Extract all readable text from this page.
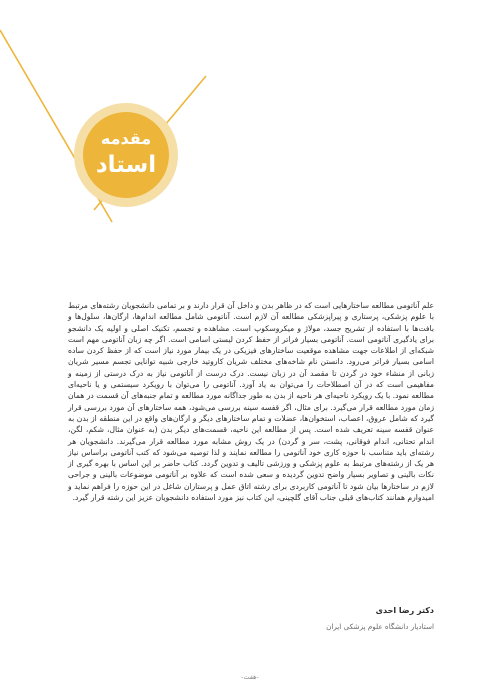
مقدمه
استاد

علم آناتومی مطالعه ساختارهایی است که در ظاهر بدن و داخل آن قرار دارند و بر تمامی دانشجویان رشته‌های مرتبط با علوم پزشکی، پرستاری و پیراپزشکی مطالعه آن لازم است. آناتومی شامل مطالعه اندام‌ها، ارگان‌ها، سلول‌ها و بافت‌ها با استفاده از تشریح جسد، مولاژ و میکروسکوپ است. مشاهده و تجسم، تکنیک اصلی و اولیه یک دانشجو برای یادگیری آناتومی است. آناتومی بسیار فراتر از حفظ کردن لیستی اسامی است. اگر چه زبان آناتومی مهم است شبکه‌ای از اطلاعات جهت مشاهده موقعیت ساختارهای فیزیکی در یک بیمار مورد نیاز است که از حفظ کردن ساده اسامی بسیار فراتر می‌رود. دانستن نام شاخه‌های مختلف شریان کاروتید خارجی شبیه توانایی تجسم مسیر شریان زبانی از منشاء خود در گردن تا مقصد آن در زبان نیست. درک درست از آناتومی نیاز به درک درستی از زمینه و مفاهیمی است که در آن اصطلاحات را می‌توان به یاد آورد. آناتومی را می‌توان با رویکرد سیستمی و یا ناحیه‌ای مطالعه نمود. با یک رویکرد ناحیه‌ای هر ناحیه از بدن به طور جداگانه مورد مطالعه و تمام جنبه‌های آن قسمت در همان زمان مورد مطالعه قرار می‌گیرد. برای مثال، اگر قفسه سینه بررسی می‌شود، همه ساختارهای آن مورد بررسی قرار گیرد که شامل عروق، اعصاب، استخوان‌ها، عضلات و تمام ساختارهای دیگر و ارگان‌های واقع در این منطقه از بدن به عنوان قفسه سینه تعریف شده است. پس از مطالعه این ناحیه، قسمت‌های دیگر بدن (به عنوان مثال، شکم، لگن، اندام تحتانی، اندام فوقانی، پشت، سر و گردن) در یک روش مشابه مورد مطالعه قرار می‌گیرند. دانشجویان هر رشته‌ای باید متناسب با حوزه کاری خود آناتومی را مطالعه نمایند و لذا توصیه می‌شود که کتب آناتومی براساس نیاز هر یک از رشته‌های مرتبط به علوم پزشکی و ورزشی تالیف و تدوین گردد. کتاب حاضر بر این اساس با بهره گیری از نکات بالینی و تصاویر بسیار واضح تدوین گردیده و سعی شده است که علاوه بر آناتومی موضوعات بالینی و جراحی لازم در ساختارها بیان شود تا آناتومی کاربردی برای رشته اتاق عمل و پرستاران شاغل در این حوزه را فراهم نماید و امیدوارم همانند کتاب‌های قبلی جناب آقای گلچینی، این کتاب نیز مورد استفاده دانشجویان عزیز این رشته قرار گیرد.

دکتر رضا احدی
استادیار دانشگاه علوم پزشکی ایران
-هفت-
